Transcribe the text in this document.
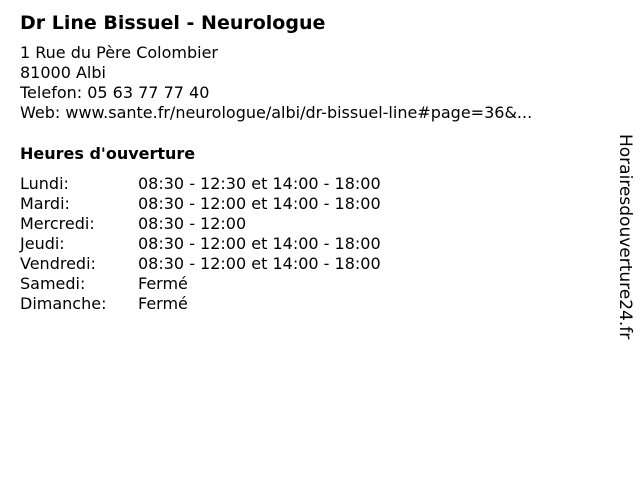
Dr Line Bissuel - Neurologue
1 Rue du Père Colombier
81000 Albi
Telefon: 05 63 77 77 40
Web: www.sante.fr/neurologue/albi/dr-bissuel-line#page=36&...
Heures d'ouverture
Lundi:	08:30 - 12:30 et 14:00 - 18:00
Mardi:	08:30 - 12:00 et 14:00 - 18:00
Mercredi:	08:30 - 12:00
Jeudi:	08:30 - 12:00 et 14:00 - 18:00
Vendredi:	08:30 - 12:00 et 14:00 - 18:00
Samedi:	Fermé
Dimanche:	Fermé	Horairesdouverture24.fr
